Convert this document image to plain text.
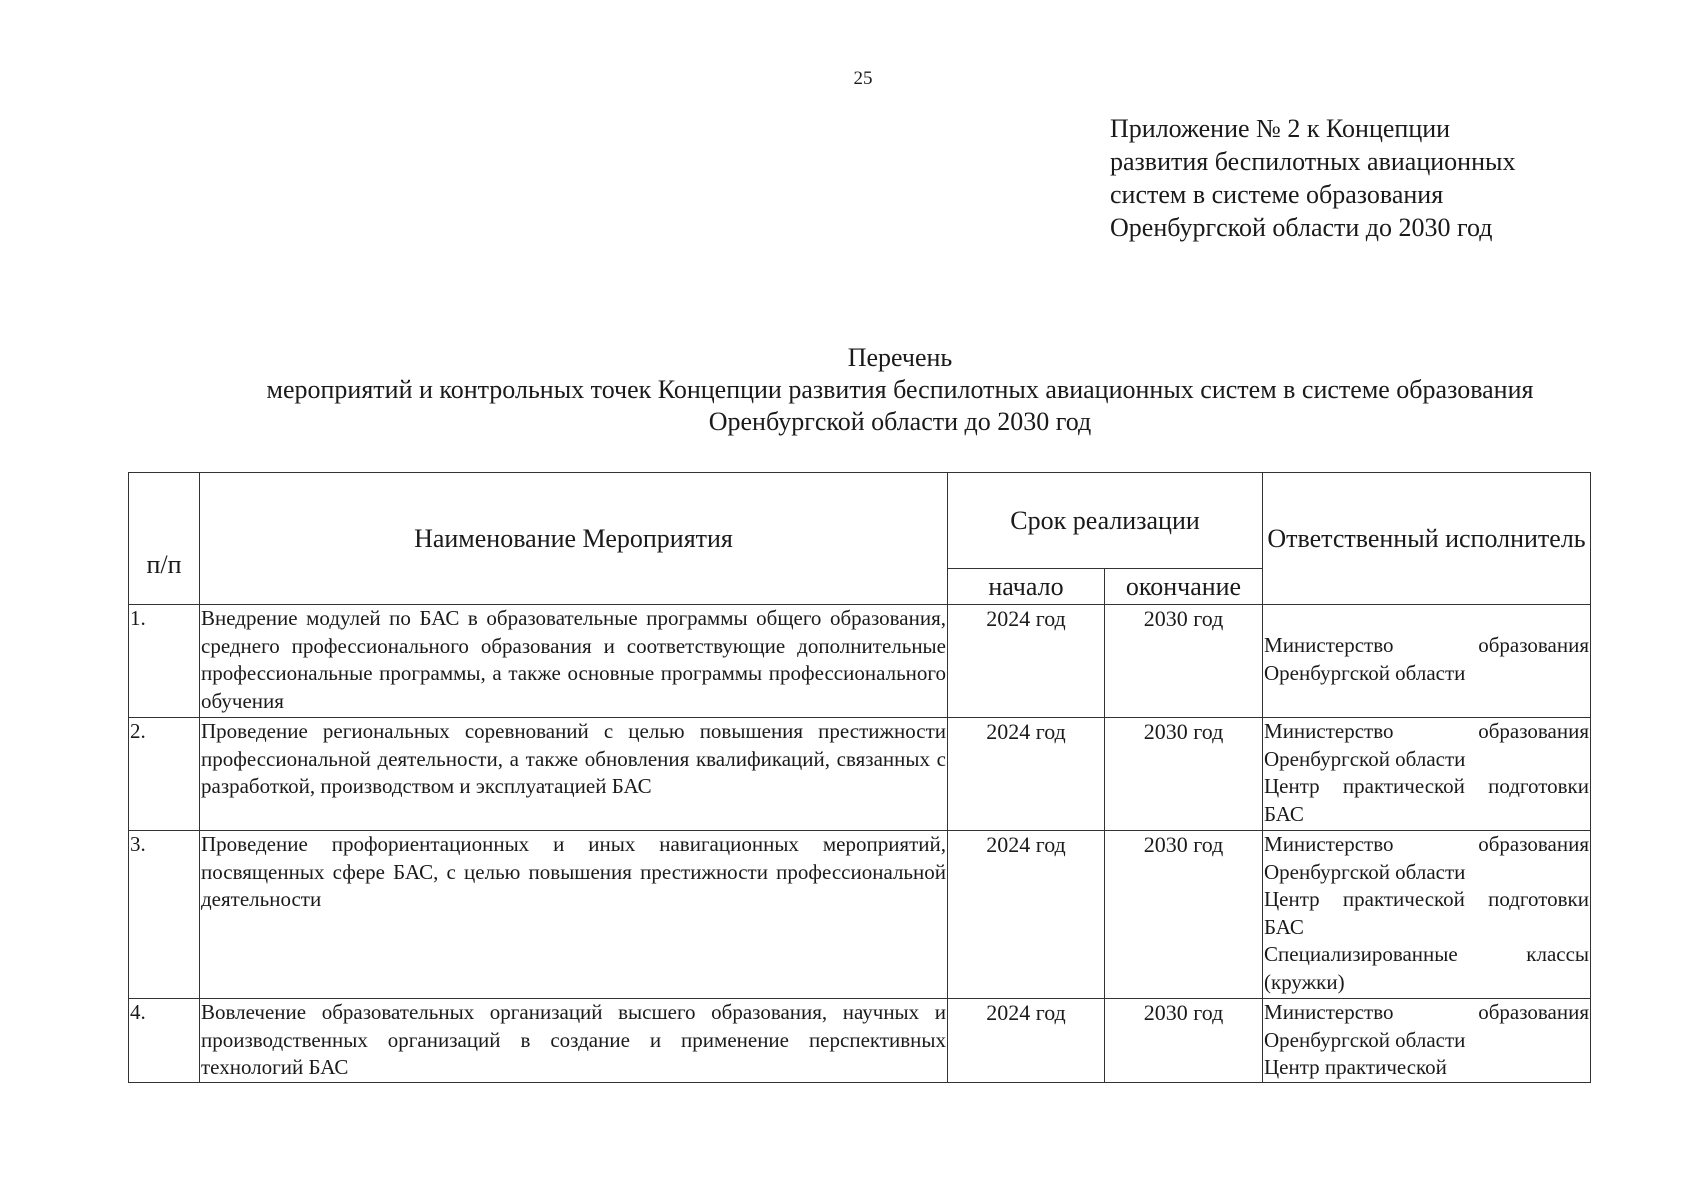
25
Приложение № 2 к Концепции
развития беспилотных авиационных
систем в системе образования
Оренбургской области до 2030 год
Перечень
мероприятий и контрольных точек Концепции развития беспилотных авиационных систем в системе образования
Оренбургской области до 2030 год
п/п	Наименование Мероприятия	Срок реализации		Ответственный исполнитель
		начало	окончание	
1.	Внедрение модулей по БАС в образовательные программы общего образования, среднего профессионального образования и соответствующие дополнительные профессиональные программы, а также основные программы профессионального обучения	2024 год	2030 год	Министерство образования Оренбургской области

2.	Проведение региональных соревнований с целью повышения престижности профессиональной деятельности, а также обновления квалификаций, связанных с разработкой, производством и эксплуатацией БАС	2024 год	2030 год	Министерство образования Оренбургской области
Центр практической подготовки БАС

3.	Проведение профориентационных и иных навигационных мероприятий, посвященных сфере БАС, с целью повышения престижности профессиональной деятельности	2024 год	2030 год	Министерство образования Оренбургской области
Центр практической подготовки БАС
Специализированные классы (кружки)

4.	Вовлечение образовательных организаций высшего образования, научных и производственных организаций в создание и применение перспективных технологий БАС	2024 год	2030 год	Министерство образования Оренбургской области
Центр практической
